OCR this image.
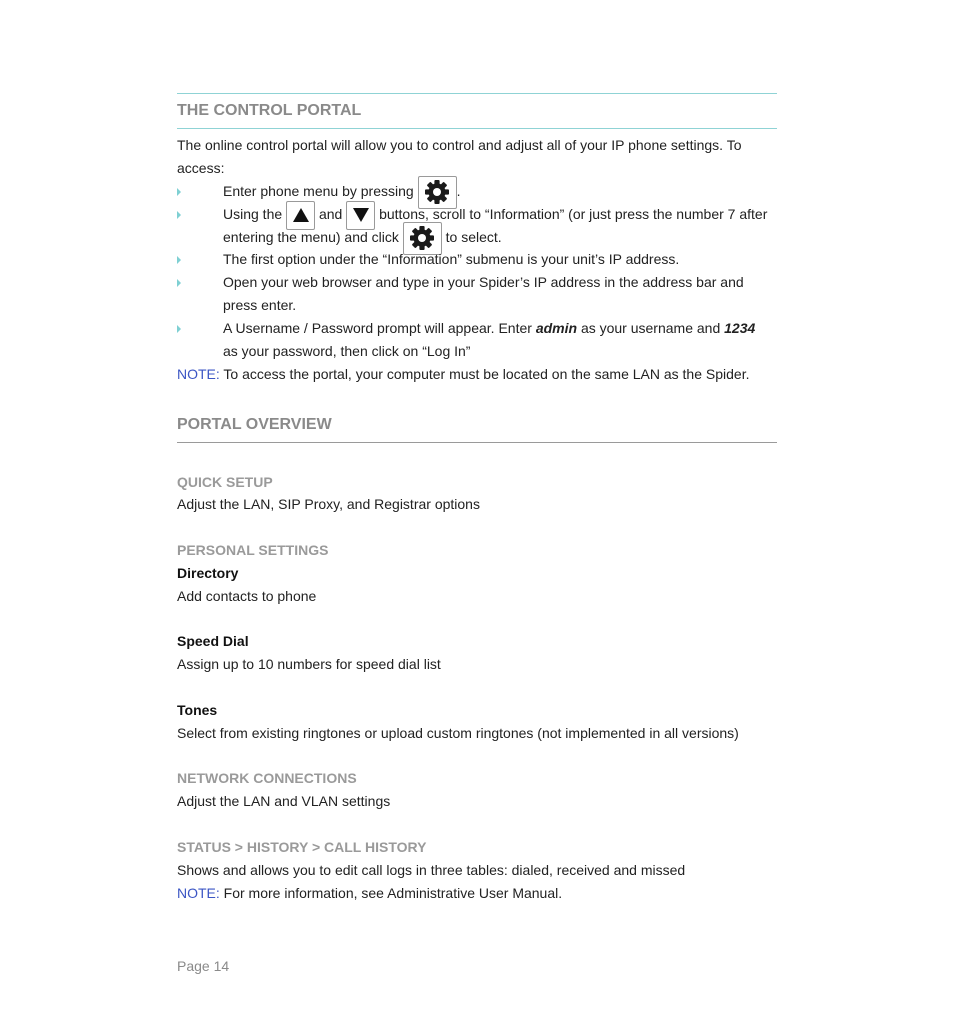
THE CONTROL PORTAL
The online control portal will allow you to control and adjust all of your IP phone settings. To
access:
Enter phone menu by pressing	.
Using the	and	buttons, scroll to “Information” (or just press the number 7 after
entering the menu) and click	to select.
The first option under the “Information” submenu is your unit’s IP address.
Open your web browser and type in your Spider’s IP address in the address bar and
press enter.
A Username / Password prompt will appear. Enter admin as your username and 1234
as your password, then click on “Log In”
NOTE: To access the portal, your computer must be located on the same LAN as the Spider.
PORTAL OVERVIEW
QUICK SETUP
Adjust the LAN, SIP Proxy, and Registrar options
PERSONAL SETTINGS
Directory
Add contacts to phone
Speed Dial
Assign up to 10 numbers for speed dial list
Tones
Select from existing ringtones or upload custom ringtones (not implemented in all versions)
NETWORK CONNECTIONS
Adjust the LAN and VLAN settings
STATUS > HISTORY > CALL HISTORY
Shows and allows you to edit call logs in three tables: dialed, received and missed
NOTE: For more information, see Administrative User Manual.
Page 14
